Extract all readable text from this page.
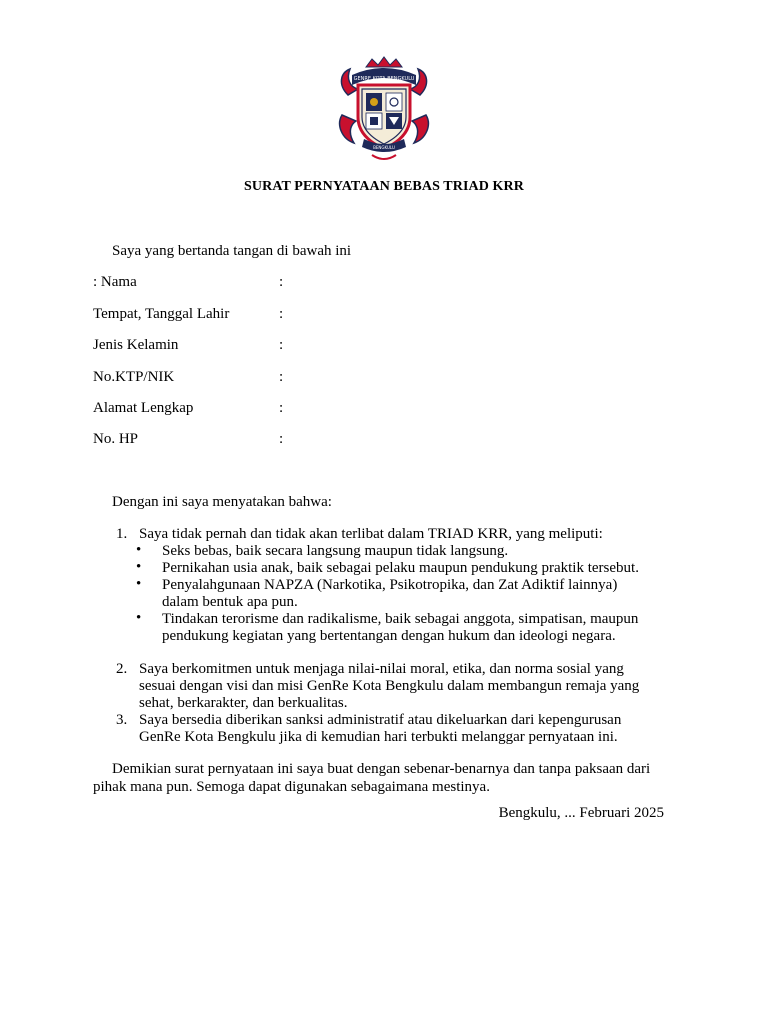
GENRE KOTA BENGKULU
BENGKULU
SURAT PERNYATAAN BEBAS TRIAD KRR
Saya yang bertanda tangan di bawah ini
: Nama	:
Tempat, Tanggal Lahir	:
Jenis Kelamin	:
No.KTP/NIK	:
Alamat Lengkap	:
No. HP	:
Dengan ini saya menyatakan bahwa:
1. Saya tidak pernah dan tidak akan terlibat dalam TRIAD KRR, yang meliputi:
• Seks bebas, baik secara langsung maupun tidak langsung.
• Pernikahan usia anak, baik sebagai pelaku maupun pendukung praktik tersebut.
• Penyalahgunaan NAPZA (Narkotika, Psikotropika, dan Zat Adiktif lainnya) dalam bentuk apa pun.
• Tindakan terorisme dan radikalisme, baik sebagai anggota, simpatisan, maupun pendukung kegiatan yang bertentangan dengan hukum dan ideologi negara.
2. Saya berkomitmen untuk menjaga nilai-nilai moral, etika, dan norma sosial yang sesuai dengan visi dan misi GenRe Kota Bengkulu dalam membangun remaja yang sehat, berkarakter, dan berkualitas.
3. Saya bersedia diberikan sanksi administratif atau dikeluarkan dari kepengurusan GenRe Kota Bengkulu jika di kemudian hari terbukti melanggar pernyataan ini.
Demikian surat pernyataan ini saya buat dengan sebenar-benarnya dan tanpa paksaan dari pihak mana pun. Semoga dapat digunakan sebagaimana mestinya.
Bengkulu, ... Februari 2025
